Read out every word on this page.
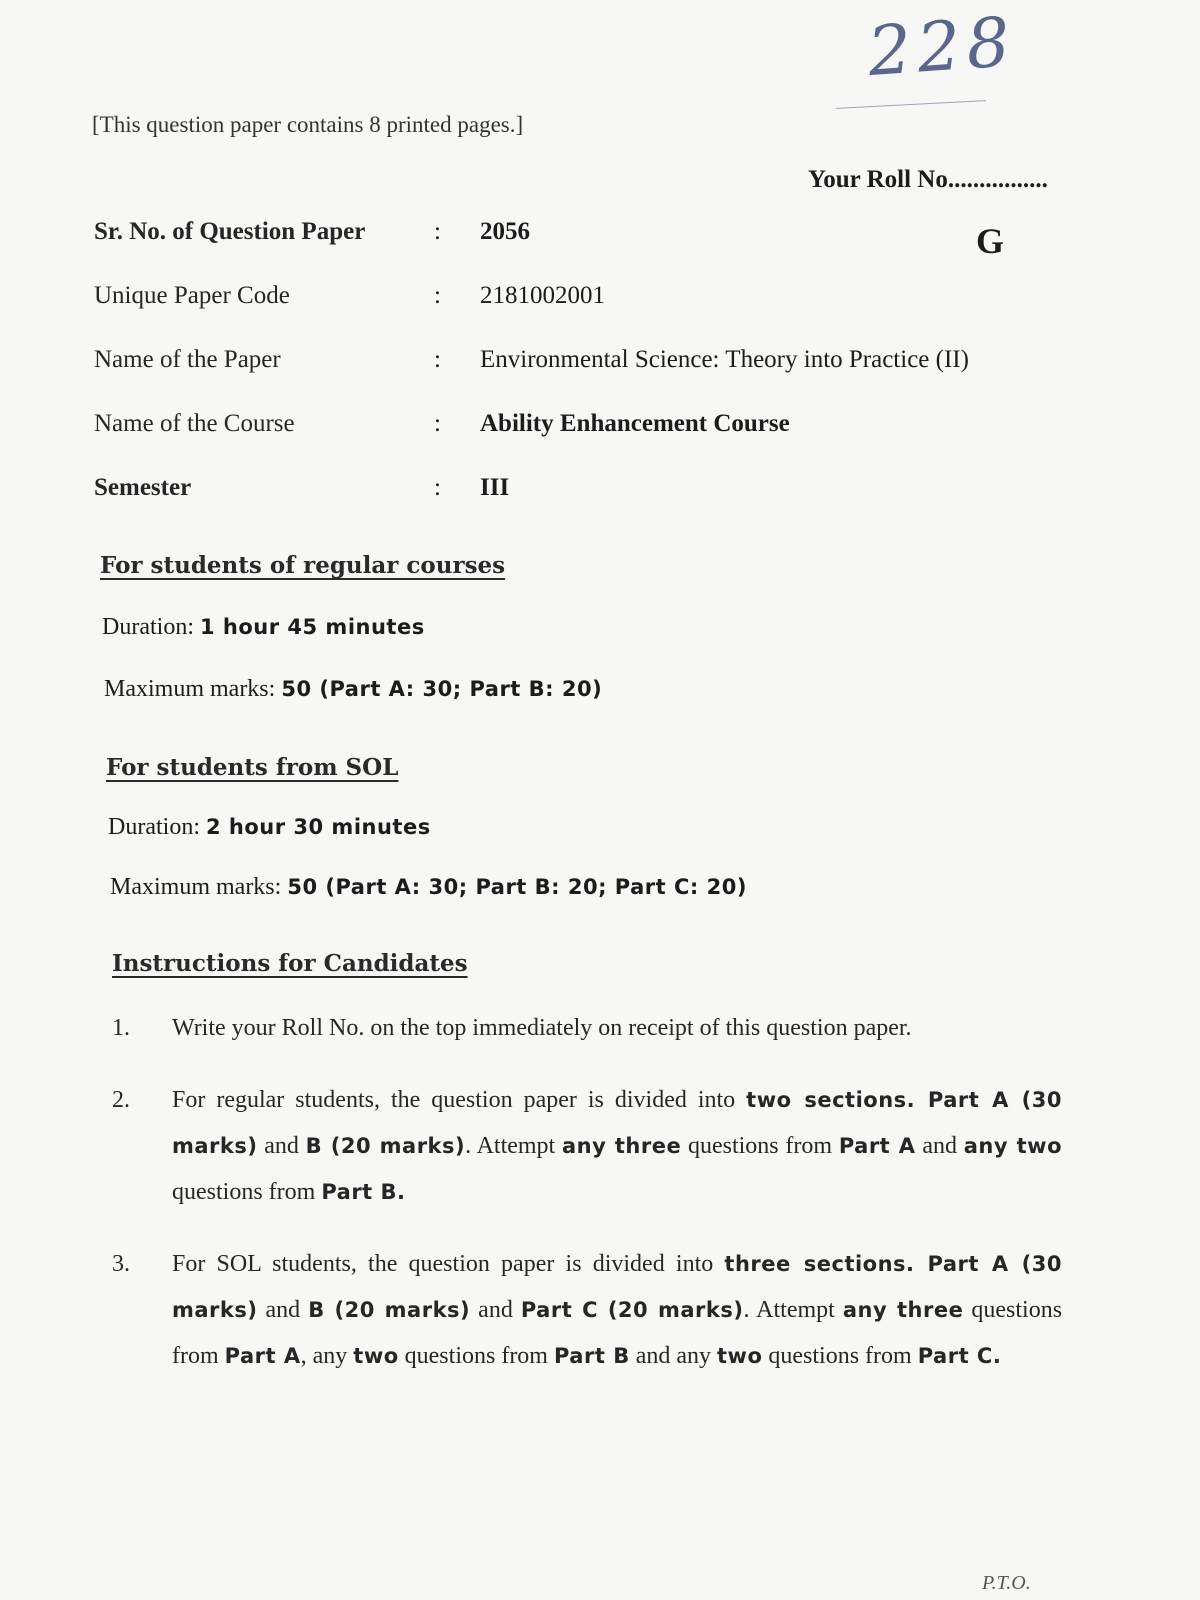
228
[This question paper contains 8 printed pages.]
Your Roll No................
G
Sr. No. of Question Paper	: 2056
Unique Paper Code	: 2181002001
Name of the Paper	: Environmental Science: Theory into Practice (II)
Name of the Course	: Ability Enhancement Course
Semester	: III
For students of regular courses
Duration: 1 hour 45 minutes
Maximum marks: 50 (Part A: 30; Part B: 20)
For students from SOL
Duration: 2 hour 30 minutes
Maximum marks: 50 (Part A: 30; Part B: 20; Part C: 20)
Instructions for Candidates
1. Write your Roll No. on the top immediately on receipt of this question paper.
2. For regular students, the question paper is divided into two sections. Part A (30 marks) and B (20 marks). Attempt any three questions from Part A and any two questions from Part B.
3. For SOL students, the question paper is divided into three sections. Part A (30 marks) and B (20 marks) and Part C (20 marks). Attempt any three questions from Part A, any two questions from Part B and any two questions from Part C.
P.T.O.
